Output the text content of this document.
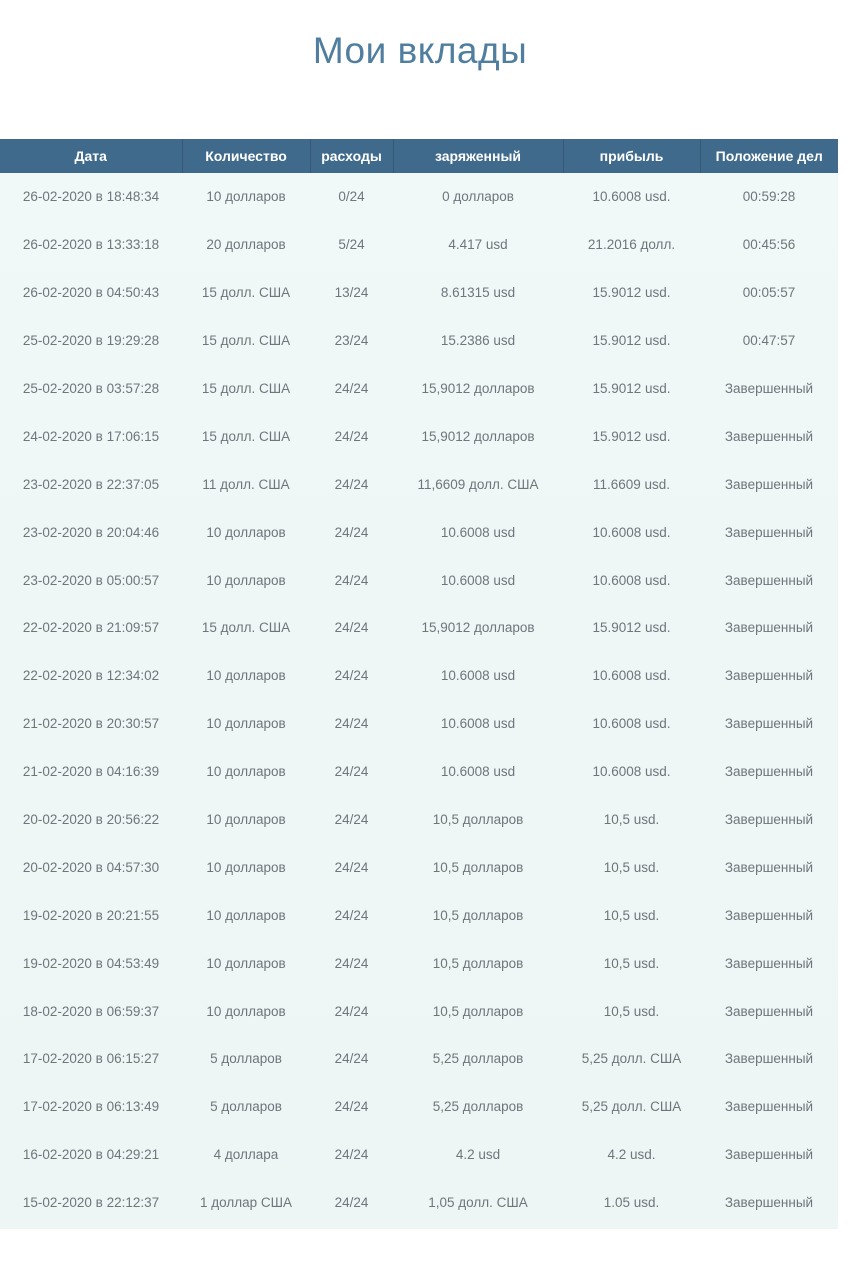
Мои вклады
Дата	Количество	расходы	заряженный	прибыль	Положение дел
26-02-2020 в 18:48:34	10 долларов	0/24	0 долларов	10.6008 usd.	00:59:28
26-02-2020 в 13:33:18	20 долларов	5/24	4.417 usd	21.2016 долл.	00:45:56
26-02-2020 в 04:50:43	15 долл. США	13/24	8.61315 usd	15.9012 usd.	00:05:57
25-02-2020 в 19:29:28	15 долл. США	23/24	15.2386 usd	15.9012 usd.	00:47:57
25-02-2020 в 03:57:28	15 долл. США	24/24	15,9012 долларов	15.9012 usd.	Завершенный
24-02-2020 в 17:06:15	15 долл. США	24/24	15,9012 долларов	15.9012 usd.	Завершенный
23-02-2020 в 22:37:05	11 долл. США	24/24	11,6609 долл. США	11.6609 usd.	Завершенный
23-02-2020 в 20:04:46	10 долларов	24/24	10.6008 usd	10.6008 usd.	Завершенный
23-02-2020 в 05:00:57	10 долларов	24/24	10.6008 usd	10.6008 usd.	Завершенный
22-02-2020 в 21:09:57	15 долл. США	24/24	15,9012 долларов	15.9012 usd.	Завершенный
22-02-2020 в 12:34:02	10 долларов	24/24	10.6008 usd	10.6008 usd.	Завершенный
21-02-2020 в 20:30:57	10 долларов	24/24	10.6008 usd	10.6008 usd.	Завершенный
21-02-2020 в 04:16:39	10 долларов	24/24	10.6008 usd	10.6008 usd.	Завершенный
20-02-2020 в 20:56:22	10 долларов	24/24	10,5 долларов	10,5 usd.	Завершенный
20-02-2020 в 04:57:30	10 долларов	24/24	10,5 долларов	10,5 usd.	Завершенный
19-02-2020 в 20:21:55	10 долларов	24/24	10,5 долларов	10,5 usd.	Завершенный
19-02-2020 в 04:53:49	10 долларов	24/24	10,5 долларов	10,5 usd.	Завершенный
18-02-2020 в 06:59:37	10 долларов	24/24	10,5 долларов	10,5 usd.	Завершенный
17-02-2020 в 06:15:27	5 долларов	24/24	5,25 долларов	5,25 долл. США	Завершенный
17-02-2020 в 06:13:49	5 долларов	24/24	5,25 долларов	5,25 долл. США	Завершенный
16-02-2020 в 04:29:21	4 доллара	24/24	4.2 usd	4.2 usd.	Завершенный
15-02-2020 в 22:12:37	1 доллар США	24/24	1,05 долл. США	1.05 usd.	Завершенный
